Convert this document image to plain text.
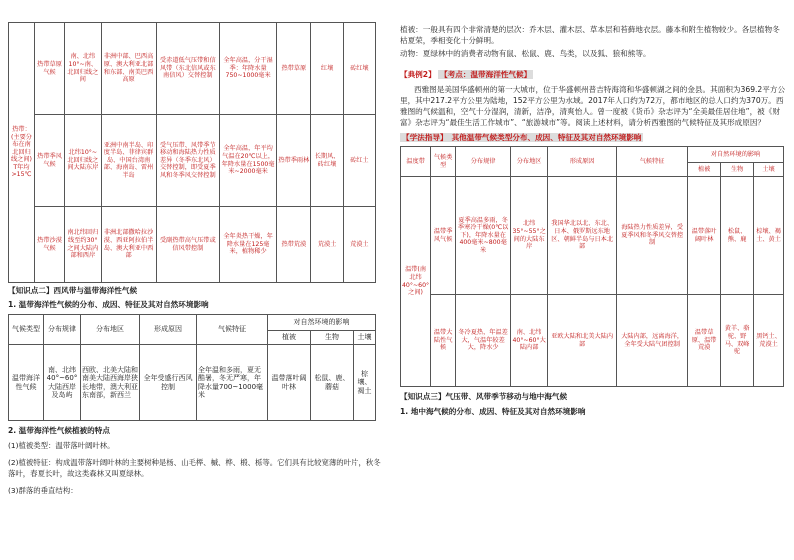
热带：(主要分布在南北回归线之间) T年均>15℃	热带草原气候	南、北纬10°~南、北回归线之间	非洲中部、巴西高原、澳大利亚北部和东部、南美巴西高原	受赤道低气压带和信风带（东北信风或东南信风）交替控制	全年高温，分干湿季：年降水量750~1000毫米	热带草原	红壤	砖红壤
	热带季风气候	北纬10°~北回归线之间大陆东岸	亚洲中南半岛、印度半岛、菲律宾群岛、中国台湾南部、海南岛、雷州半岛	受气压带、风带季节移动和海陆热力性质差异（冬季东北风）交替控制，即受夏季风和冬季风交替控制	全年高温，年平均气温在20℃以上，年降水量在1500毫米~2000毫米	热带季雨林	长期风、砖红壤	砖红土
	热带沙漠气候	南北纬回归线至约30°之间大陆内部和西岸	非洲北部撒哈拉沙漠、西亚阿拉伯半岛、澳大利亚中西部	受副热带高气压带或信风带控制	全年炎热干燥，年降水量在125毫米，植物稀少	热带荒漠	荒漠土	荒漠土

【知识点二】西风带与温带海洋性气候

1. 温带海洋性气候的分布、成因、特征及其对自然环境影响

气候类型	分布规律	分布地区	形成原因	气候特征	对自然环境的影响		
					植被	生物	土壤
温带海洋性气候	南、北纬40°~60°大陆西岸及岛屿	西欧、北美大陆和南美大陆西海岸狭长地带，澳大利亚东南部，新西兰	全年受盛行西风控制	全年温和多雨，夏无酷暑，冬无严寒，年降水量700~1000毫米	温带落叶阔叶林	松鼠、鹿、蘑菇	棕壤、褐土

2. 温带海洋性气候植被的特点

(1)植被类型：温带落叶阔叶林。

(2)植被特征：构成温带落叶阔叶林的主要树种是杨、山毛榉、槭、桦、椴、栎等。它们具有比较宽薄的叶片，秋冬落叶，春夏长叶，故这类森林又叫夏绿林。

(3)群落的垂直结构：

植被：一般具有四个非常清楚的层次：乔木层、灌木层、草本层和苔藓地衣层。藤本和附生植物较少。各层植物冬枯夏荣，季相变化十分鲜明。

动物：夏绿林中的消费者动物有鼠、松鼠、鹿、鸟类，以及狐、狼和熊等。

【典例2】 【考点：温带海洋性气候】

西雅图是美国华盛顿州的第一大城市，位于华盛顿州普吉特海湾和华盛顿湖之间的金县。其面积为369.2平方公里，其中217.2平方公里为陆地，152平方公里为水域。2017年人口约为72万，都市地区的总人口约为370万。西雅图的气候温和，空气十分湿润，清新，洁净，清爽怡人。曾一度被《货币》杂志评为“全美最佳居住地”，被《财富》杂志评为“最佳生活工作城市”、“旅游城市”等。阅读上述材料，请分析西雅图的气候特征及其形成原因？

【学法指导】 其他温带气候类型分布、成因、特征及其对自然环境影响

温度带	气候类型	分布规律	分布地区	形成原因	气候特征	对自然环境的影响		
						植被	生物	土壤
温带(南北纬40°~60°之间)	温带季风气候	夏季高温多雨，冬季寒冷干燥(0℃以下)，年降水量在400毫米~800毫米	北纬35°~55°之间的大陆东岸	我国华北以北、东北、日本、俄罗斯远东地区、朝鲜半岛与日本北部	海陆热力性质差异，受夏季风和冬季风交替控制	温带落叶阔叶林	松鼠、熊、鹿	棕壤、褐土、黄土
	温带大陆性气候	冬冷夏热，年温差大，气温年较差大，降水少	南、北纬40°~60°大陆内部	亚欧大陆和北美大陆内部	大陆内部，远离海洋，全年受大陆气团控制	温带草原、温带荒漠	黄羊、骆驼、野马、双峰驼	黑钙土、荒漠土

【知识点三】气压带、风带季节移动与地中海气候

1. 地中海气候的分布、成因、特征及其对自然环境影响
